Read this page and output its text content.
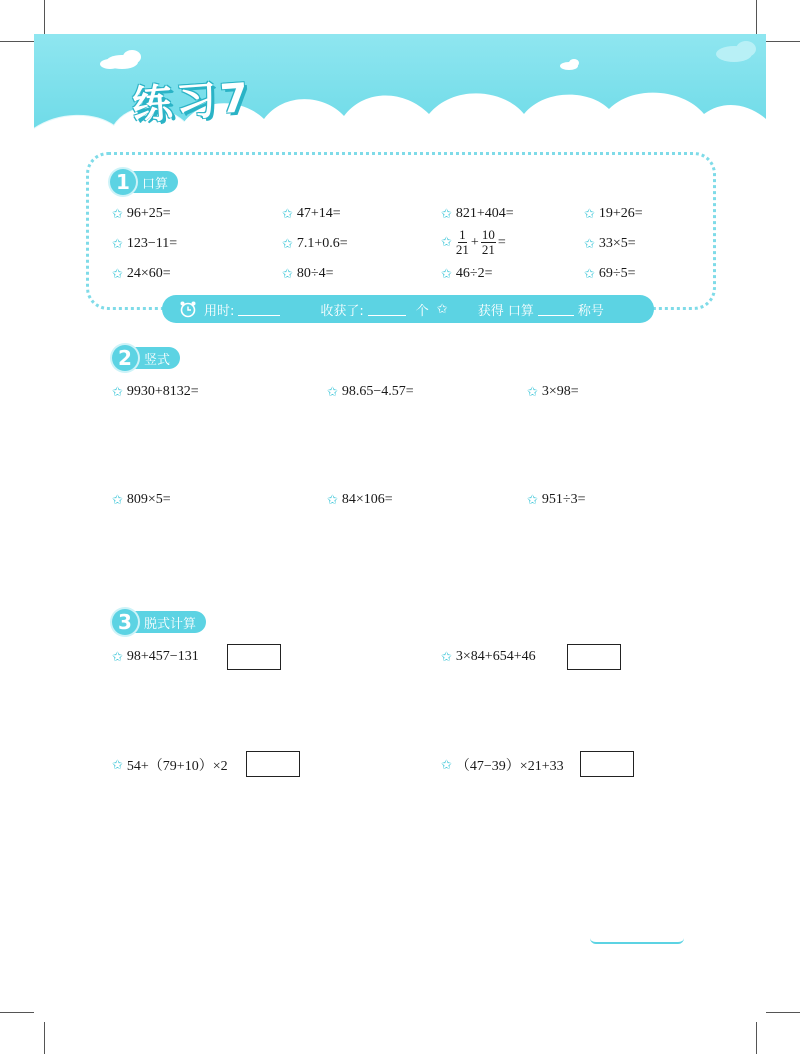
练习7
1 口算
✩ 96+25=	✩ 47+14=	✩ 821+404=	✩ 19+26=
✩ 123−11=	✩ 7.1+0.6=	✩ $\frac{1}{21} + \frac{10}{21}$ =	✩ 33×5=
✩ 24×60=	✩ 80÷4=	✩ 46÷2=	✩ 69÷5=
用时:	收获了:	个 ✩ 获得 口算	称号
2 竖式
✩ 9930+8132=	✩ 98.65−4.57=	✩ 3×98=
✩ 809×5=	✩ 84×106=	✩ 951÷3=
3 脱式计算
✩ 98+457−131	✩ 3×84+654+46
✩ 54+（79+10）×2	✩ （47−39）×21+33
